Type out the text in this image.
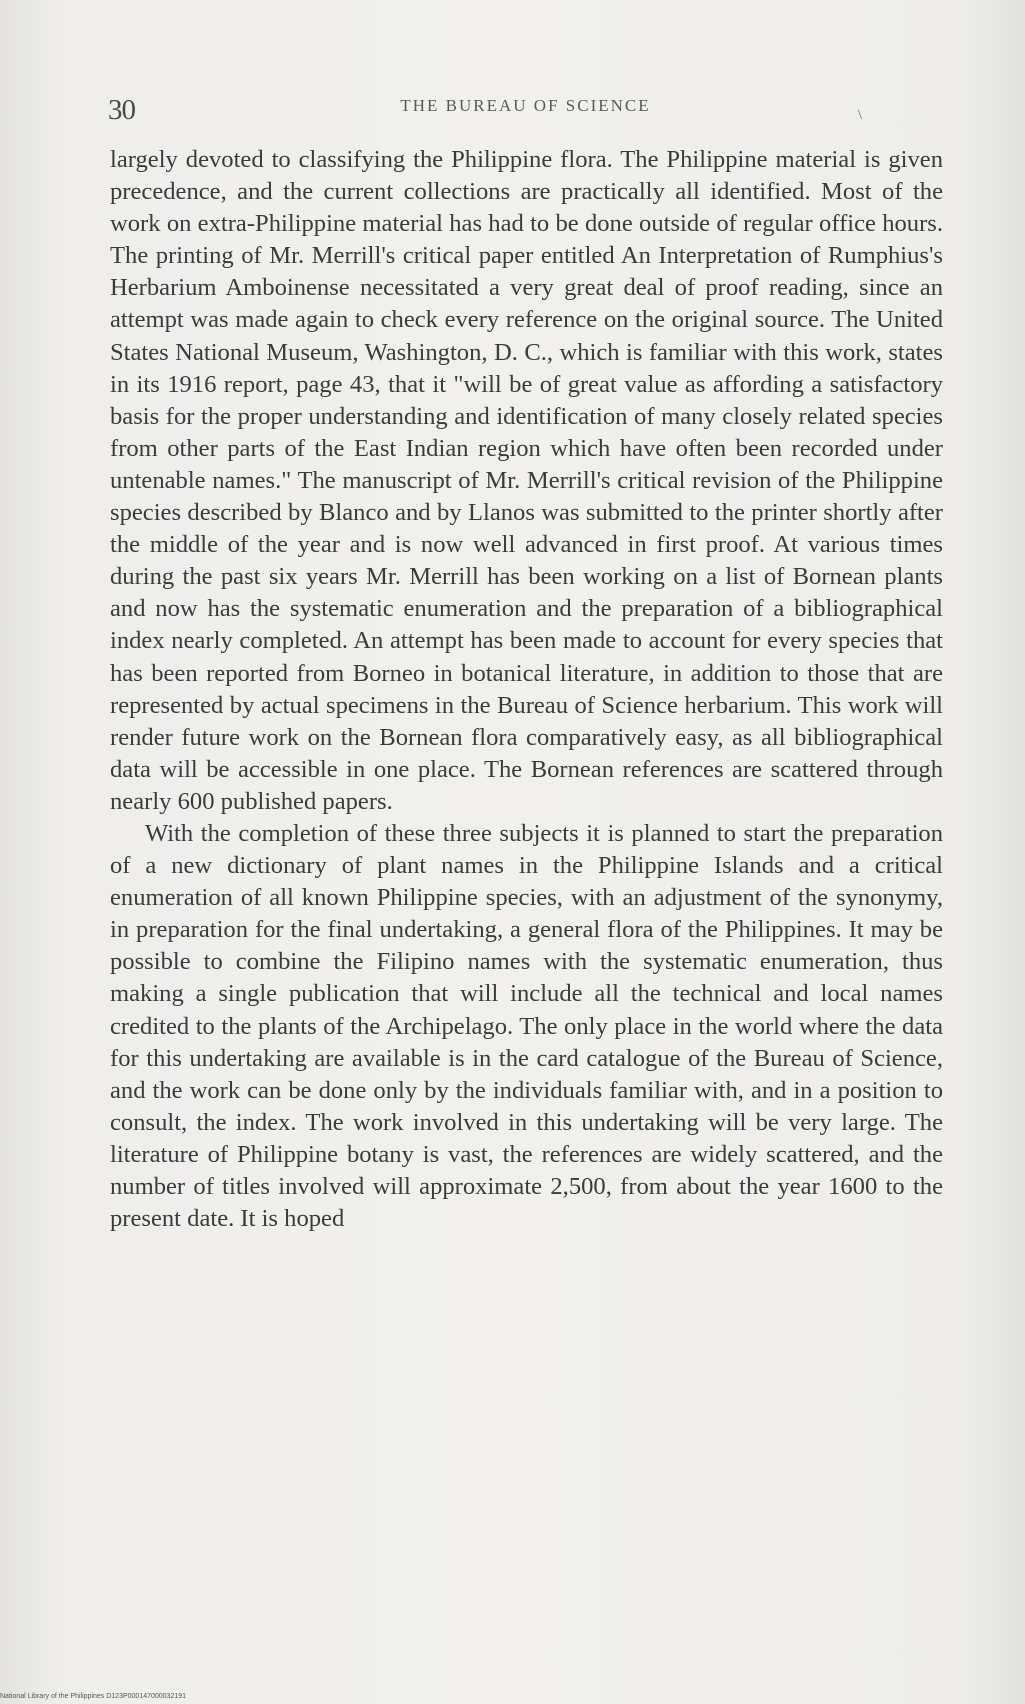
30	THE BUREAU OF SCIENCE
\

largely devoted to classifying the Philippine flora. The Philippine material is given precedence, and the current collections are practically all identified. Most of the work on extra-Philippine material has had to be done outside of regular office hours. The printing of Mr. Merrill's critical paper entitled An Interpretation of Rumphius's Herbarium Amboinense necessitated a very great deal of proof reading, since an attempt was made again to check every reference on the original source. The United States National Museum, Washington, D. C., which is familiar with this work, states in its 1916 report, page 43, that it "will be of great value as affording a satisfactory basis for the proper understanding and identification of many closely related species from other parts of the East Indian region which have often been recorded under untenable names." The manuscript of Mr. Merrill's critical revision of the Philippine species described by Blanco and by Llanos was submitted to the printer shortly after the middle of the year and is now well advanced in first proof. At various times during the past six years Mr. Merrill has been working on a list of Bornean plants and now has the systematic enumeration and the preparation of a bibliographical index nearly completed. An attempt has been made to account for every species that has been reported from Borneo in botanical literature, in addition to those that are represented by actual specimens in the Bureau of Science herbarium. This work will render future work on the Bornean flora comparatively easy, as all bibliographical data will be accessible in one place. The Bornean references are scattered through nearly 600 published papers.

With the completion of these three subjects it is planned to start the preparation of a new dictionary of plant names in the Philippine Islands and a critical enumeration of all known Philippine species, with an adjustment of the synonymy, in preparation for the final undertaking, a general flora of the Philippines. It may be possible to combine the Filipino names with the systematic enumeration, thus making a single publication that will include all the technical and local names credited to the plants of the Archipelago. The only place in the world where the data for this undertaking are available is in the card catalogue of the Bureau of Science, and the work can be done only by the individuals familiar with, and in a position to consult, the index. The work involved in this undertaking will be very large. The literature of Philippine botany is vast, the references are widely scattered, and the number of titles involved will approximate 2,500, from about the year 1600 to the present date. It is hoped

National Library of the Philippines D123P000147000032191
